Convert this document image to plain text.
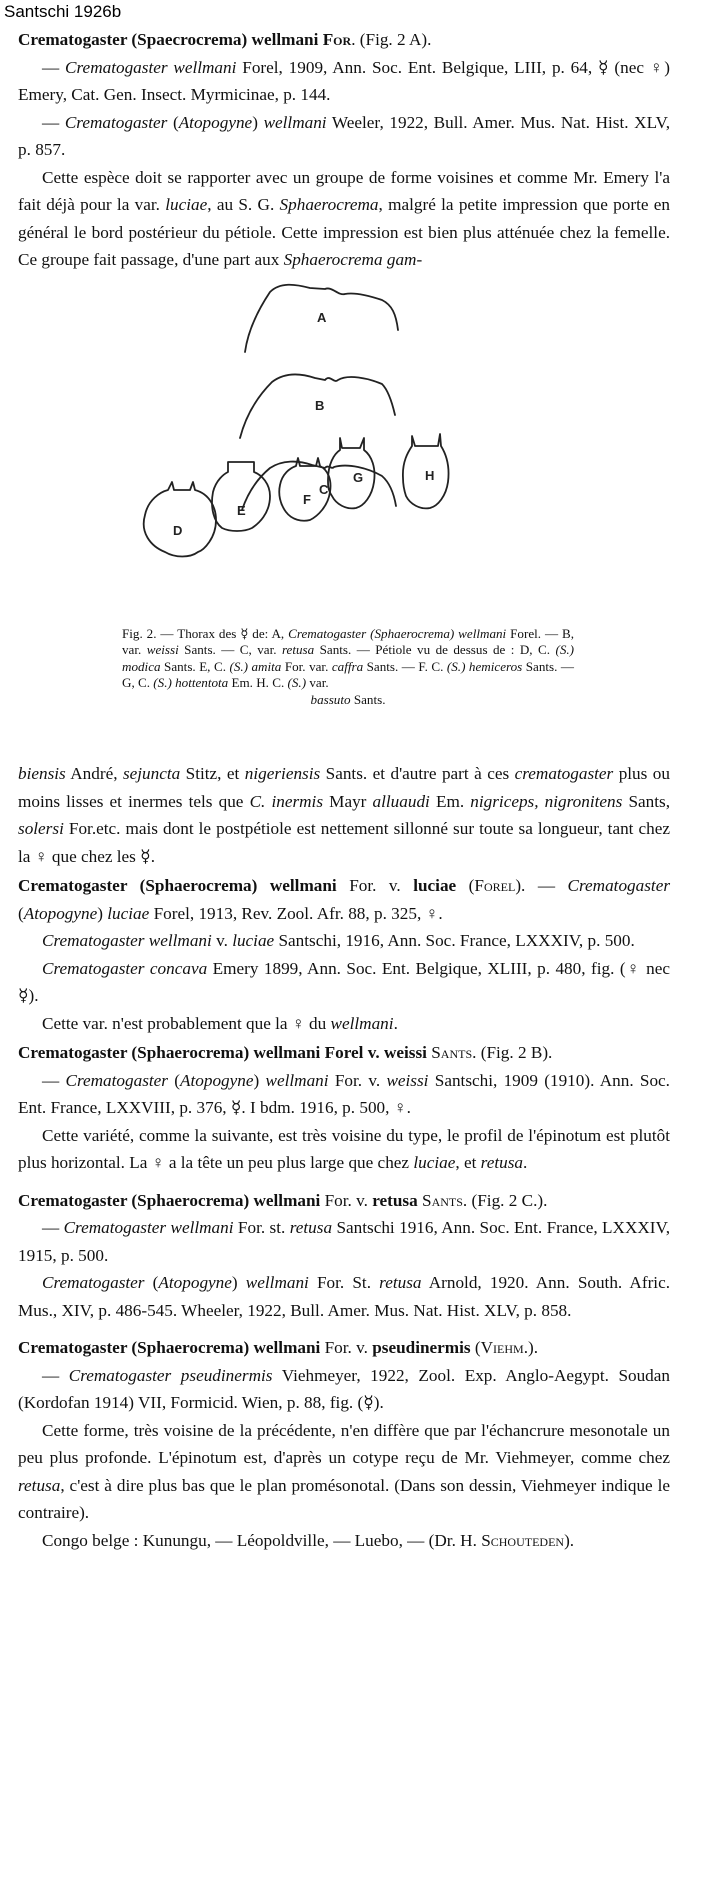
Santschi 1926b

Crematogaster (Spaecrocrema) wellmani For. (Fig. 2 A).

— Crematogaster wellmani Forel, 1909, Ann. Soc. Ent. Belgique, LIII, p. 64, ☿ (nec ♀) Emery, Cat. Gen. Insect. Myrmicinae, p. 144.

— Crematogaster (Atopogyne) wellmani Weeler, 1922, Bull. Amer. Mus. Nat. Hist. XLV, p. 857.

Cette espèce doit se rapporter avec un groupe de forme voisines et comme Mr. Emery l'a fait déjà pour la var. luciae, au S. G. Sphaerocrema, malgré la petite impression que porte en général le bord postérieur du pétiole. Cette impression est bien plus atténuée chez la femelle. Ce groupe fait passage, d'une part aux Sphaerocrema gam-

A
B
C
D
E
F
G	H
Fig. 2. — Thorax des ☿ de: A, Crematogaster (Sphaerocrema) wellmani Forel. — B, var. weissi Sants. — C, var. retusa Sants. — Pétiole vu de dessus de : D, C. (S.) modica Sants. E, C. (S.) amita For. var. caffra Sants. — F. C. (S.) hemiceros Sants. — G, C. (S.) hottentota Em. H. C. (S.) var.
bassuto Sants.

biensis André, sejuncta Stitz, et nigeriensis Sants. et d'autre part à ces crematogaster plus ou moins lisses et inermes tels que C. inermis Mayr alluaudi Em. nigriceps, nigronitens Sants, solersi For.etc. mais dont le postpétiole est nettement sillonné sur toute sa longueur, tant chez la ♀ que chez les ☿.

Crematogaster (Sphaerocrema) wellmani For. v. luciae (Forel). — Crematogaster (Atopogyne) luciae Forel, 1913, Rev. Zool. Afr. 88, p. 325, ♀.

Crematogaster wellmani v. luciae Santschi, 1916, Ann. Soc. France, LXXXIV, p. 500.

Crematogaster concava Emery 1899, Ann. Soc. Ent. Belgique, XLIII, p. 480, fig. (♀ nec ☿).

Cette var. n'est probablement que la ♀ du wellmani.

Crematogaster (Sphaerocrema) wellmani Forel v. weissi Sants. (Fig. 2 B).

— Crematogaster (Atopogyne) wellmani For. v. weissi Santschi, 1909 (1910). Ann. Soc. Ent. France, LXXVIII, p. 376, ☿. I bdm. 1916, p. 500, ♀.

Cette variété, comme la suivante, est très voisine du type, le profil de l'épinotum est plutôt plus horizontal. La ♀ a la tête un peu plus large que chez luciae, et retusa.

Crematogaster (Sphaerocrema) wellmani For. v. retusa Sants. (Fig. 2 C.).

— Crematogaster wellmani For. st. retusa Santschi 1916, Ann. Soc. Ent. France, LXXXIV, 1915, p. 500.

Crematogaster (Atopogyne) wellmani For. St. retusa Arnold, 1920. Ann. South. Afric. Mus., XIV, p. 486-545. Wheeler, 1922, Bull. Amer. Mus. Nat. Hist. XLV, p. 858.

Crematogaster (Sphaerocrema) wellmani For. v. pseudinermis (Viehm.).

— Crematogaster pseudinermis Viehmeyer, 1922, Zool. Exp. Anglo-Aegypt. Soudan (Kordofan 1914) VII, Formicid. Wien, p. 88, fig. (☿).

Cette forme, très voisine de la précédente, n'en diffère que par l'échancrure mesonotale un peu plus profonde. L'épinotum est, d'après un cotype reçu de Mr. Viehmeyer, comme chez retusa, c'est à dire plus bas que le plan promésonotal. (Dans son dessin, Viehmeyer indique le contraire).

Congo belge : Kunungu, — Léopoldville, — Luebo, — (Dr. H. Schouteden).
